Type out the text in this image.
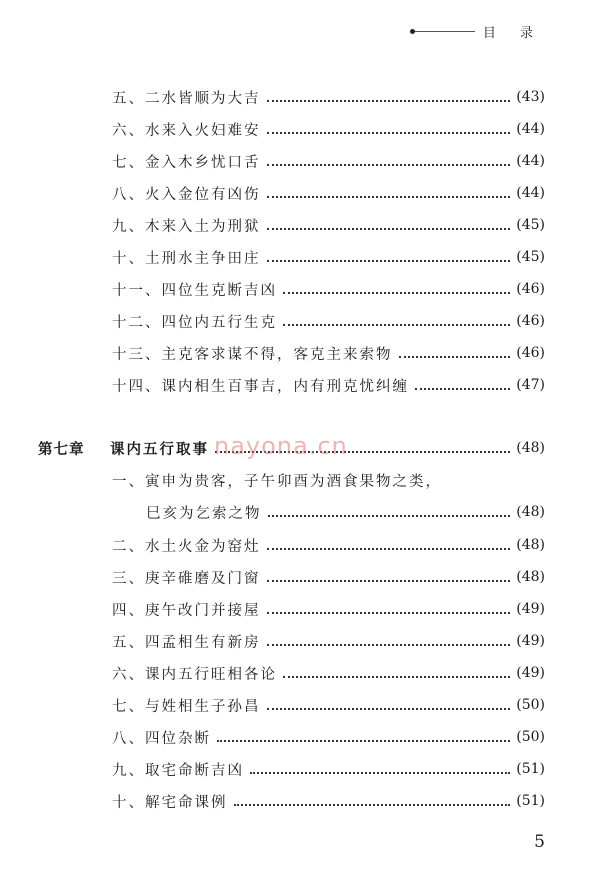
目 录
五、二水皆顺为大吉	(43)
六、水来入火妇难安	(44)
七、金入木乡忧口舌	(44)
八、火入金位有凶伤	(44)
九、木来入土为刑狱	(45)
十、土刑水主争田庄	(45)
十一、四位生克断吉凶	(46)
十二、四位内五行生克	(46)
十三、主克客求谋不得，客克主来索物	(46)
十四、课内相生百事吉，内有刑克忧纠缠	(47)
第七章	课内五行取事	(48)
nayona.cn
一、寅申为贵客，子午卯酉为酒食果物之类，
巳亥为乞索之物	(48)
二、水土火金为窑灶	(48)
三、庚辛碓磨及门窗	(48)
四、庚午改门并接屋	(49)
五、四孟相生有新房	(49)
六、课内五行旺相各论	(49)
七、与姓相生子孙昌	(50)
八、四位杂断	(50)
九、取宅命断吉凶	(51)
十、解宅命课例	(51)
5
